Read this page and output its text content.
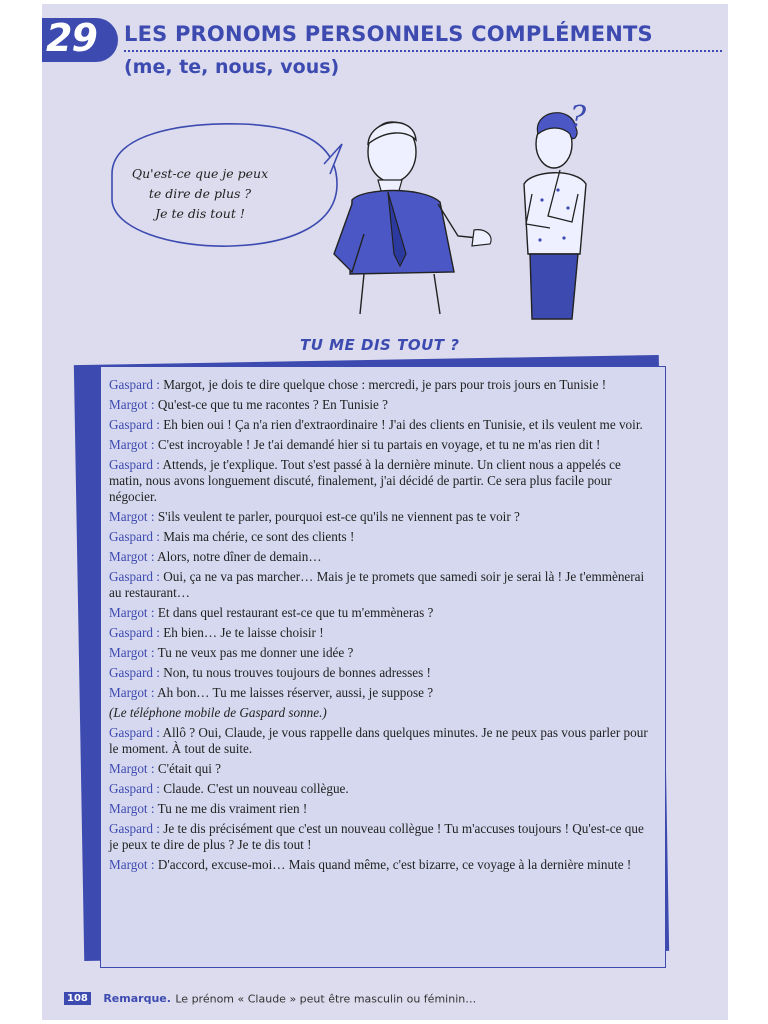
29 LES PRONOMS PERSONNELS COMPLÉMENTS
(me, te, nous, vous)
Qu'est-ce que je peux
te dire de plus ?
Je te dis tout !
?
TU ME DIS TOUT ?
Gaspard : Margot, je dois te dire quelque chose : mercredi, je pars pour trois jours en Tunisie !
Margot : Qu'est-ce que tu me racontes ? En Tunisie ?
Gaspard : Eh bien oui ! Ça n'a rien d'extraordinaire ! J'ai des clients en Tunisie, et ils veulent me voir.
Margot : C'est incroyable ! Je t'ai demandé hier si tu partais en voyage, et tu ne m'as rien dit !
Gaspard : Attends, je t'explique. Tout s'est passé à la dernière minute. Un client nous a appelés ce matin, nous avons longuement discuté, finalement, j'ai décidé de partir. Ce sera plus facile pour négocier.
Margot : S'ils veulent te parler, pourquoi est-ce qu'ils ne viennent pas te voir ?
Gaspard : Mais ma chérie, ce sont des clients !
Margot : Alors, notre dîner de demain…
Gaspard : Oui, ça ne va pas marcher… Mais je te promets que samedi soir je serai là ! Je t'emmènerai au restaurant…
Margot : Et dans quel restaurant est-ce que tu m'emmèneras ?
Gaspard : Eh bien… Je te laisse choisir !
Margot : Tu ne veux pas me donner une idée ?
Gaspard : Non, tu nous trouves toujours de bonnes adresses !
Margot : Ah bon… Tu me laisses réserver, aussi, je suppose ?
(Le téléphone mobile de Gaspard sonne.)
Gaspard : Allô ? Oui, Claude, je vous rappelle dans quelques minutes. Je ne peux pas vous parler pour le moment. À tout de suite.
Margot : C'était qui ?
Gaspard : Claude. C'est un nouveau collègue.
Margot : Tu ne me dis vraiment rien !
Gaspard : Je te dis précisément que c'est un nouveau collègue ! Tu m'accuses toujours ! Qu'est-ce que je peux te dire de plus ? Je te dis tout !
Margot : D'accord, excuse-moi… Mais quand même, c'est bizarre, ce voyage à la dernière minute !
108 Remarque. Le prénom « Claude » peut être masculin ou féminin…
